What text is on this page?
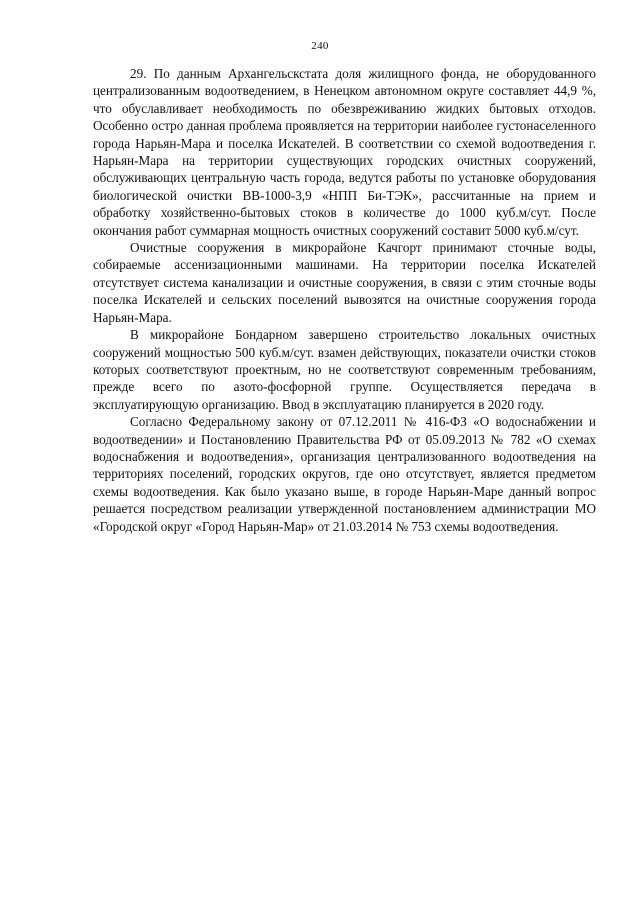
240

29. По данным Архангельскстата доля жилищного фонда, не оборудованного централизованным водоотведением, в Ненецком автономном округе составляет 44,9 %, что обуславливает необходимость по обезвреживанию жидких бытовых отходов. Особенно остро данная проблема проявляется на территории наиболее густонаселенного города Нарьян-Мара и поселка Искателей. В соответствии со схемой водоотведения г. Нарьян-Мара на территории существующих городских очистных сооружений, обслуживающих центральную часть города, ведутся работы по установке оборудования биологической очистки ВВ-1000-3,9 «НПП Би-ТЭК», рассчитанные на прием и обработку хозяйственно-бытовых стоков в количестве до 1000 куб.м/сут. После окончания работ суммарная мощность очистных сооружений составит 5000 куб.м/сут.

Очистные сооружения в микрорайоне Качгорт принимают сточные воды, собираемые ассенизационными машинами. На территории поселка Искателей отсутствует система канализации и очистные сооружения, в связи с этим сточные воды поселка Искателей и сельских поселений вывозятся на очистные сооружения города Нарьян-Мара.

В микрорайоне Бондарном завершено строительство локальных очистных сооружений мощностью 500 куб.м/сут. взамен действующих, показатели очистки стоков которых соответствуют проектным, но не соответствуют современным требованиям, прежде всего по азото-фосфорной группе. Осуществляется передача в эксплуатирующую организацию. Ввод в эксплуатацию планируется в 2020 году.

Согласно Федеральному закону от 07.12.2011 № 416-ФЗ «О водоснабжении и водоотведении» и Постановлению Правительства РФ от 05.09.2013 № 782 «О схемах водоснабжения и водоотведения», организация централизованного водоотведения на территориях поселений, городских округов, где оно отсутствует, является предметом схемы водоотведения. Как было указано выше, в городе Нарьян-Маре данный вопрос решается посредством реализации утвержденной постановлением администрации МО «Городской округ «Город Нарьян-Мар» от 21.03.2014 № 753 схемы водоотведения.
